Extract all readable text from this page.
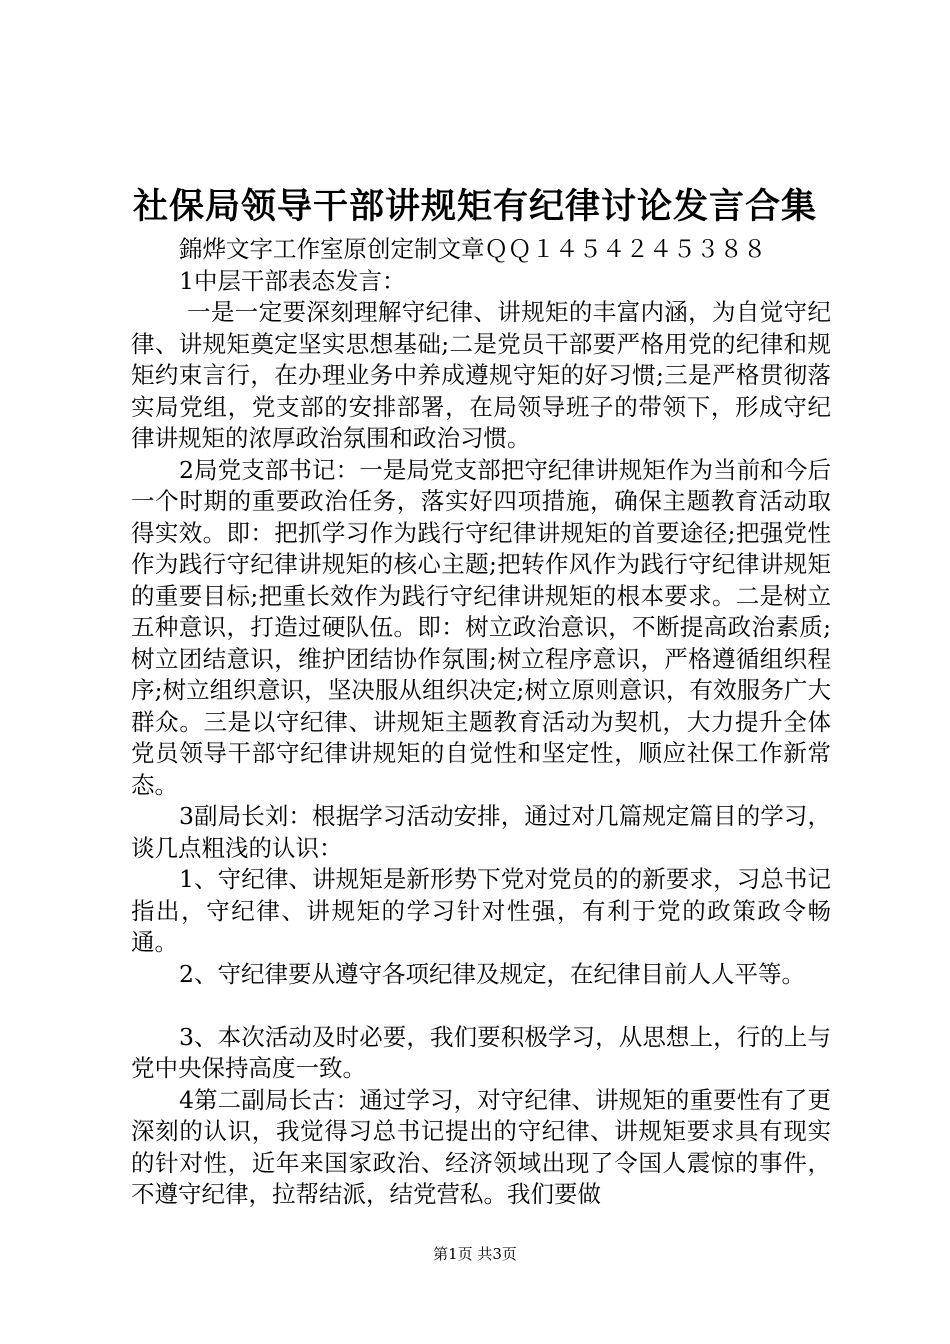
社保局领导干部讲规矩有纪律讨论发言合集

錦烨文字工作室原创定制文章ＱＱ１４５４２４５３８８

1中层干部表态发言：

一是一定要深刻理解守纪律、讲规矩的丰富内涵，为自觉守纪律、讲规矩奠定坚实思想基础;二是党员干部要严格用党的纪律和规矩约束言行，在办理业务中养成遵规守矩的好习惯;三是严格贯彻落实局党组，党支部的安排部署，在局领导班子的带领下，形成守纪律讲规矩的浓厚政治氛围和政治习惯。

2局党支部书记：一是局党支部把守纪律讲规矩作为当前和今后一个时期的重要政治任务，落实好四项措施，确保主题教育活动取得实效。即：把抓学习作为践行守纪律讲规矩的首要途径;把强党性作为践行守纪律讲规矩的核心主题;把转作风作为践行守纪律讲规矩的重要目标;把重长效作为践行守纪律讲规矩的根本要求。二是树立五种意识，打造过硬队伍。即：树立政治意识，不断提高政治素质;树立团结意识，维护团结协作氛围;树立程序意识，严格遵循组织程序;树立组织意识，坚决服从组织决定;树立原则意识，有效服务广大群众。三是以守纪律、讲规矩主题教育活动为契机，大力提升全体党员领导干部守纪律讲规矩的自觉性和坚定性，顺应社保工作新常态。

3副局长刘：根据学习活动安排，通过对几篇规定篇目的学习，谈几点粗浅的认识：

1、守纪律、讲规矩是新形势下党对党员的的新要求，习总书记指出，守纪律、讲规矩的学习针对性强，有利于党的政策政令畅通。

2、守纪律要从遵守各项纪律及规定，在纪律目前人人平等。

3、本次活动及时必要，我们要积极学习，从思想上，行的上与党中央保持高度一致。

4第二副局长古：通过学习，对守纪律、讲规矩的重要性有了更深刻的认识，我觉得习总书记提出的守纪律、讲规矩要求具有现实的针对性，近年来国家政治、经济领域出现了令国人震惊的事件，不遵守纪律，拉帮结派，结党营私。我们要做

第1页 共3页
